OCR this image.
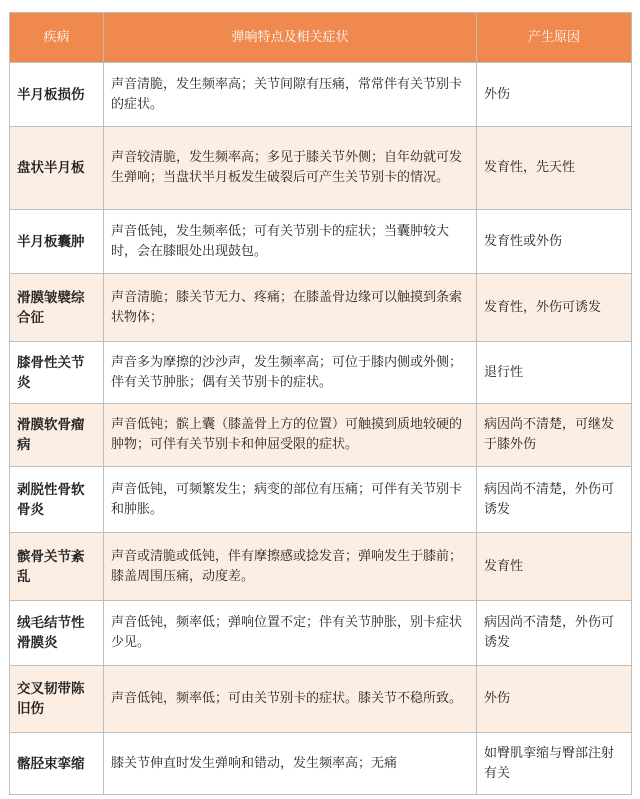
疾病	弹响特点及相关症状	产生原因
半月板损伤	声音清脆，发生频率高；关节间隙有压痛，常常伴有关节别卡的症状。	外伤
盘状半月板	声音较清脆，发生频率高；多见于膝关节外侧；自年幼就可发生弹响；当盘状半月板发生破裂后可产生关节别卡的情况。	发育性，先天性
半月板囊肿	声音低钝，发生频率低；可有关节别卡的症状；当囊肿较大时，会在膝眼处出现鼓包。	发育性或外伤
滑膜皱襞综合征	声音清脆；膝关节无力、疼痛；在膝盖骨边缘可以触摸到条索状物体；	发育性，外伤可诱发
膝骨性关节炎	声音多为摩擦的沙沙声，发生频率高；可位于膝内侧或外侧；伴有关节肿胀；偶有关节别卡的症状。	退行性
滑膜软骨瘤病	声音低钝；髌上囊（膝盖骨上方的位置）可触摸到质地较硬的肿物；可伴有关节别卡和伸屈受限的症状。	病因尚不清楚，可继发于膝外伤
剥脱性骨软骨炎	声音低钝，可频繁发生；病变的部位有压痛；可伴有关节别卡和肿胀。	病因尚不清楚，外伤可诱发
髌骨关节紊乱	声音或清脆或低钝，伴有摩擦感或捻发音；弹响发生于膝前；膝盖周围压痛，动度差。	发育性
绒毛结节性滑膜炎	声音低钝，频率低；弹响位置不定；伴有关节肿胀，别卡症状少见。	病因尚不清楚，外伤可诱发
交叉韧带陈旧伤	声音低钝，频率低；可由关节别卡的症状。膝关节不稳所致。	外伤
髂胫束挛缩	膝关节伸直时发生弹响和错动，发生频率高；无痛	如臀肌挛缩与臀部注射有关
